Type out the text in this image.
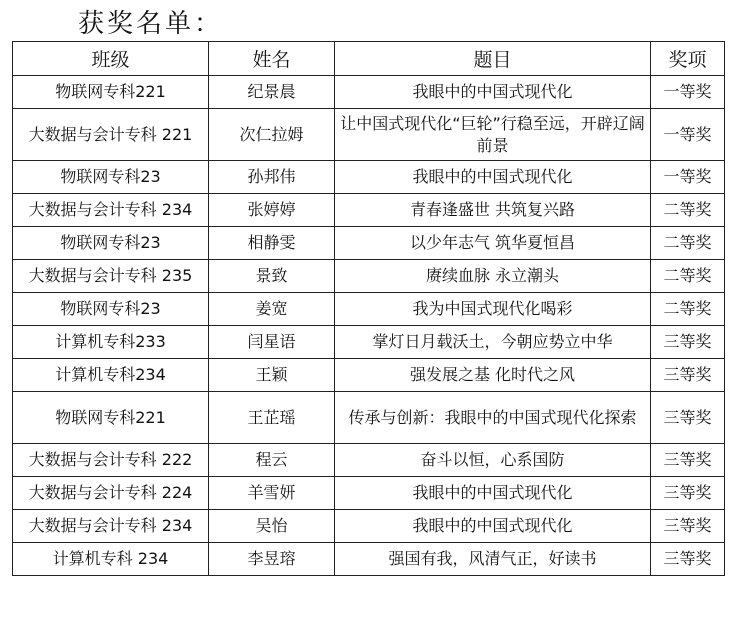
获奖名单：
班级	姓名	题目	奖项
物联网专科221	纪景晨	我眼中的中国式现代化	一等奖
大数据与会计专科 221	次仁拉姆	让中国式现代化“巨轮”行稳至远，开辟辽阔前景	一等奖
物联网专科23	孙邦伟	我眼中的中国式现代化	一等奖
大数据与会计专科 234	张婷婷	青春逢盛世 共筑复兴路	二等奖
物联网专科23	相静雯	以少年志气 筑华夏恒昌	二等奖
大数据与会计专科 235	景致	赓续血脉 永立潮头	二等奖
物联网专科23	姜宽	我为中国式现代化喝彩	二等奖
计算机专科233	闫星语	掌灯日月载沃土，今朝应势立中华	三等奖
计算机专科234	王颖	强发展之基 化时代之风	三等奖
物联网专科221	王芷瑶	传承与创新：我眼中的中国式现代化探索	三等奖
大数据与会计专科 222	程云	奋斗以恒，心系国防	三等奖
大数据与会计专科 224	羊雪妍	我眼中的中国式现代化	三等奖
大数据与会计专科 234	吴怡	我眼中的中国式现代化	三等奖
计算机专科 234	李昱瑢	强国有我，风清气正，好读书	三等奖
